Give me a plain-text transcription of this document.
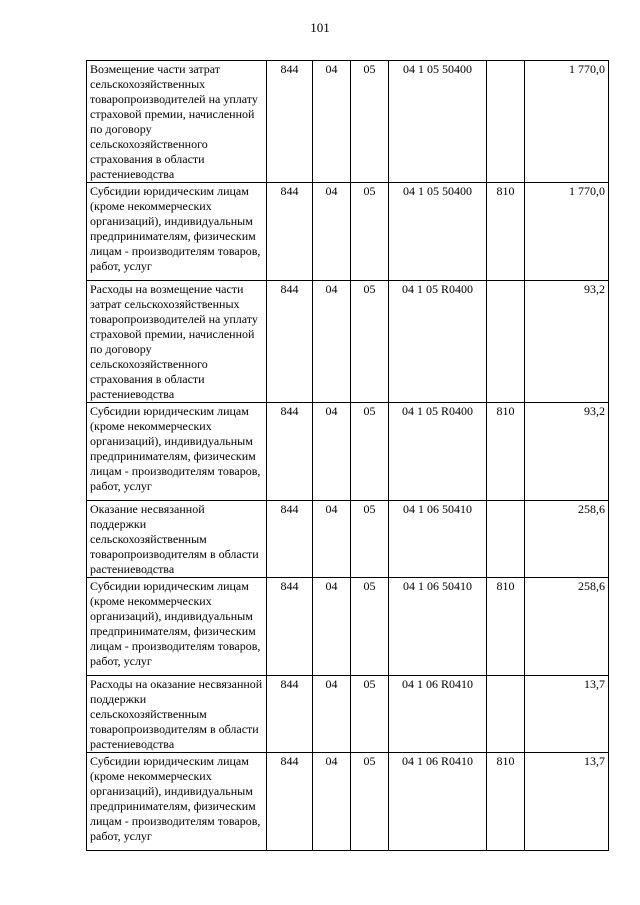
101
Возмещение части затрат сельскохозяйственных товаропроизводителей на уплату страховой премии, начисленной по договору сельскохозяйственного страхования в области растениеводства	844	04	05	04 1 05 50400		1 770,0
Субсидии юридическим лицам (кроме некоммерческих организаций), индивидуальным предпринимателям, физическим лицам - производителям товаров, работ, услуг	844	04	05	04 1 05 50400	810	1 770,0
Расходы на возмещение части затрат сельскохозяйственных товаропроизводителей на уплату страховой премии, начисленной по договору сельскохозяйственного страхования в области растениеводства	844	04	05	04 1 05 R0400		93,2
Субсидии юридическим лицам (кроме некоммерческих организаций), индивидуальным предпринимателям, физическим лицам - производителям товаров, работ, услуг	844	04	05	04 1 05 R0400	810	93,2
Оказание несвязанной поддержки сельскохозяйственным товаропроизводителям в области растениеводства	844	04	05	04 1 06 50410		258,6
Субсидии юридическим лицам (кроме некоммерческих организаций), индивидуальным предпринимателям, физическим лицам - производителям товаров, работ, услуг	844	04	05	04 1 06 50410	810	258,6
Расходы на оказание несвязанной поддержки сельскохозяйственным товаропроизводителям в области растениеводства	844	04	05	04 1 06 R0410		13,7
Субсидии юридическим лицам (кроме некоммерческих организаций), индивидуальным предпринимателям, физическим лицам - производителям товаров, работ, услуг	844	04	05	04 1 06 R0410	810	13,7
